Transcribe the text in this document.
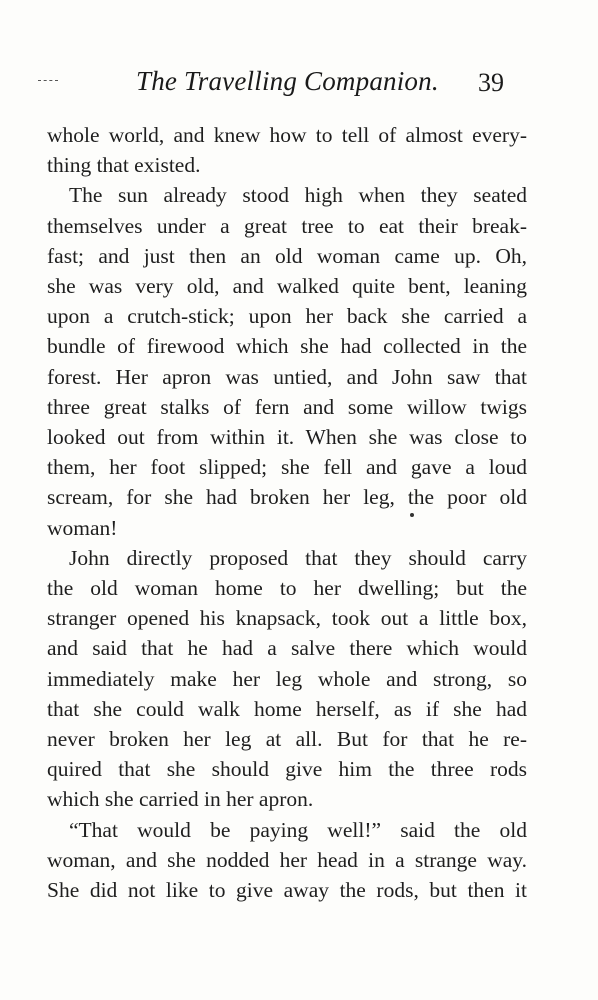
The Travelling Companion. 39
whole world, and knew how to tell of almost every-
thing that existed.
The sun already stood high when they seated
themselves under a great tree to eat their break-
fast; and just then an old woman came up. Oh,
she was very old, and walked quite bent, leaning
upon a crutch-stick; upon her back she carried a
bundle of firewood which she had collected in the
forest. Her apron was untied, and John saw that
three great stalks of fern and some willow twigs
looked out from within it. When she was close to
them, her foot slipped; she fell and gave a loud
scream, for she had broken her leg, the poor old
woman!
John directly proposed that they should carry
the old woman home to her dwelling; but the
stranger opened his knapsack, took out a little box,
and said that he had a salve there which would
immediately make her leg whole and strong, so
that she could walk home herself, as if she had
never broken her leg at all. But for that he re-
quired that she should give him the three rods
which she carried in her apron.
“That would be paying well!” said the old
woman, and she nodded her head in a strange way.
She did not like to give away the rods, but then it
